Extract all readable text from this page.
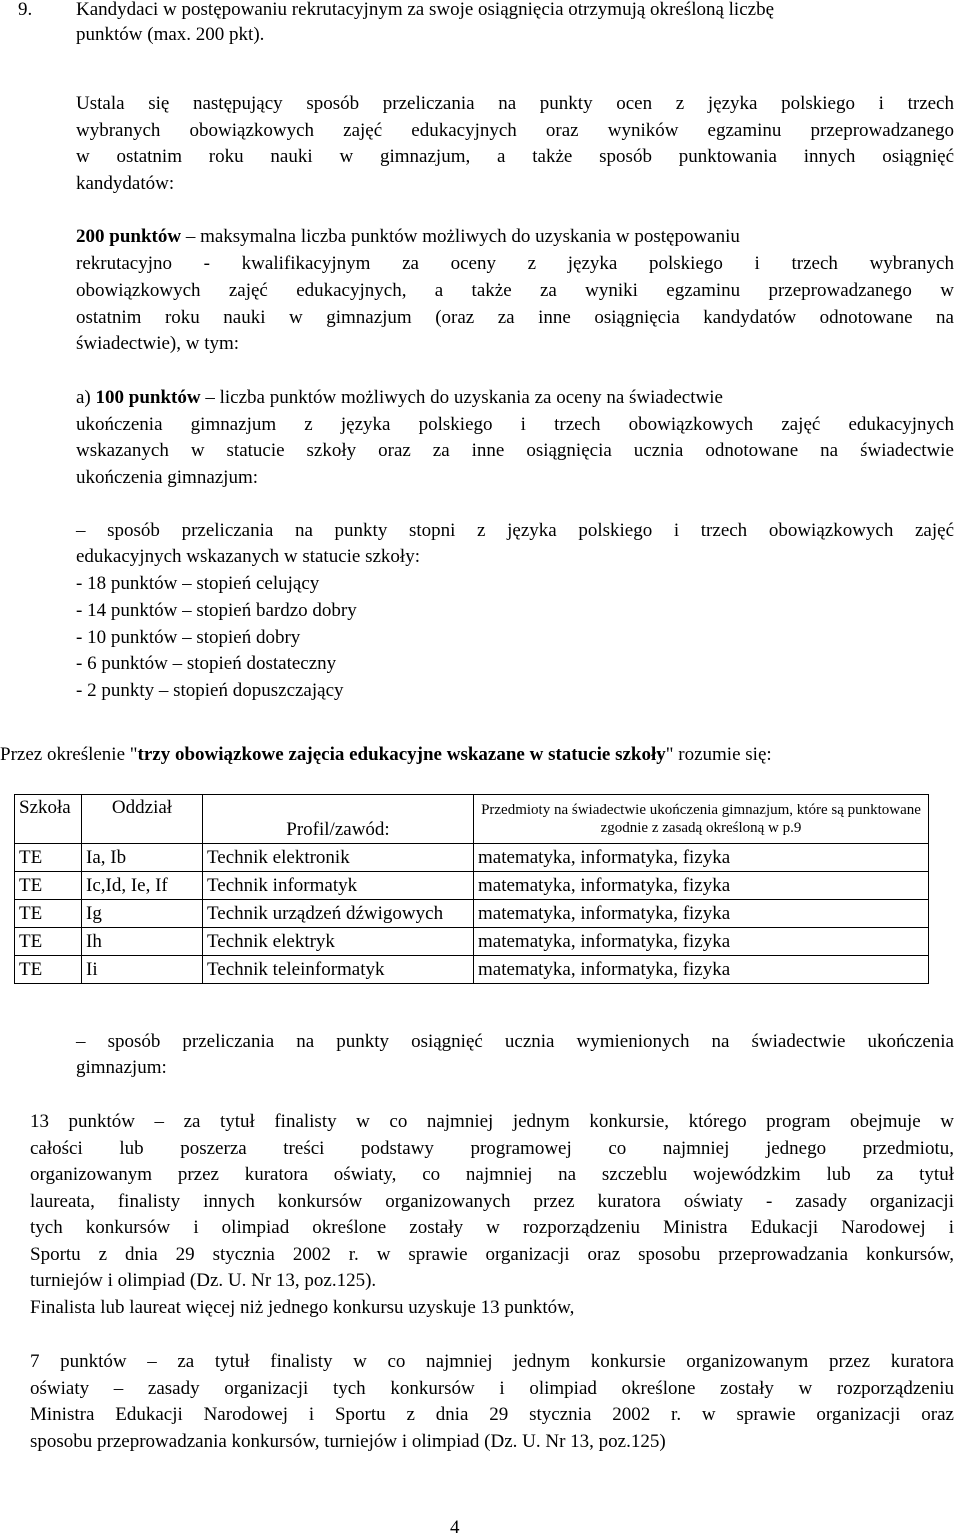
9. Kandydaci w postępowaniu rekrutacyjnym za swoje osiągnięcia otrzymują określoną liczbę
punktów (max. 200 pkt).
Ustala się następujący sposób przeliczania na punkty ocen z języka polskiego i trzech
wybranych obowiązkowych zajęć edukacyjnych oraz wyników egzaminu przeprowadzanego
w ostatnim roku nauki w gimnazjum, a także sposób punktowania innych osiągnięć
kandydatów:
200 punktów – maksymalna liczba punktów możliwych do uzyskania w postępowaniu
rekrutacyjno - kwalifikacyjnym za oceny z języka polskiego i trzech wybranych
obowiązkowych zajęć edukacyjnych, a także za wyniki egzaminu przeprowadzanego w
ostatnim roku nauki w gimnazjum (oraz za inne osiągnięcia kandydatów odnotowane na
świadectwie), w tym:
a) 100 punktów – liczba punktów możliwych do uzyskania za oceny na świadectwie
ukończenia gimnazjum z języka polskiego i trzech obowiązkowych zajęć edukacyjnych
wskazanych w statucie szkoły oraz za inne osiągnięcia ucznia odnotowane na świadectwie
ukończenia gimnazjum:
– sposób przeliczania na punkty stopni z języka polskiego i trzech obowiązkowych zajęć
edukacyjnych wskazanych w statucie szkoły:
- 18 punktów – stopień celujący
- 14 punktów – stopień bardzo dobry
- 10 punktów – stopień dobry
- 6 punktów – stopień dostateczny
- 2 punkty – stopień dopuszczający
Przez określenie "trzy obowiązkowe zajęcia edukacyjne wskazane w statucie szkoły" rozumie się:
Szkoła	Oddział	Profil/zawód:	Przedmioty na świadectwie ukończenia gimnazjum, które są punktowane zgodnie z zasadą określoną w p.9
TE	Ia, Ib	Technik elektronik	matematyka, informatyka, fizyka
TE	Ic,Id, Ie, If	Technik informatyk	matematyka, informatyka, fizyka
TE	Ig	Technik urządzeń dźwigowych	matematyka, informatyka, fizyka
TE	Ih	Technik elektryk	matematyka, informatyka, fizyka
TE	Ii	Technik teleinformatyk	matematyka, informatyka, fizyka
– sposób przeliczania na punkty osiągnięć ucznia wymienionych na świadectwie ukończenia
gimnazjum:
13 punktów – za tytuł finalisty w co najmniej jednym konkursie, którego program obejmuje w
całości lub poszerza treści podstawy programowej co najmniej jednego przedmiotu,
organizowanym przez kuratora oświaty, co najmniej na szczeblu wojewódzkim lub za tytuł
laureata, finalisty innych konkursów organizowanych przez kuratora oświaty - zasady organizacji
tych konkursów i olimpiad określone zostały w rozporządzeniu Ministra Edukacji Narodowej i
Sportu z dnia 29 stycznia 2002 r. w sprawie organizacji oraz sposobu przeprowadzania konkursów,
turniejów i olimpiad (Dz. U. Nr 13, poz.125).
Finalista lub laureat więcej niż jednego konkursu uzyskuje 13 punktów,
7 punktów – za tytuł finalisty w co najmniej jednym konkursie organizowanym przez kuratora
oświaty – zasady organizacji tych konkursów i olimpiad określone zostały w rozporządzeniu
Ministra Edukacji Narodowej i Sportu z dnia 29 stycznia 2002 r. w sprawie organizacji oraz
sposobu przeprowadzania konkursów, turniejów i olimpiad (Dz. U. Nr 13, poz.125)
4
